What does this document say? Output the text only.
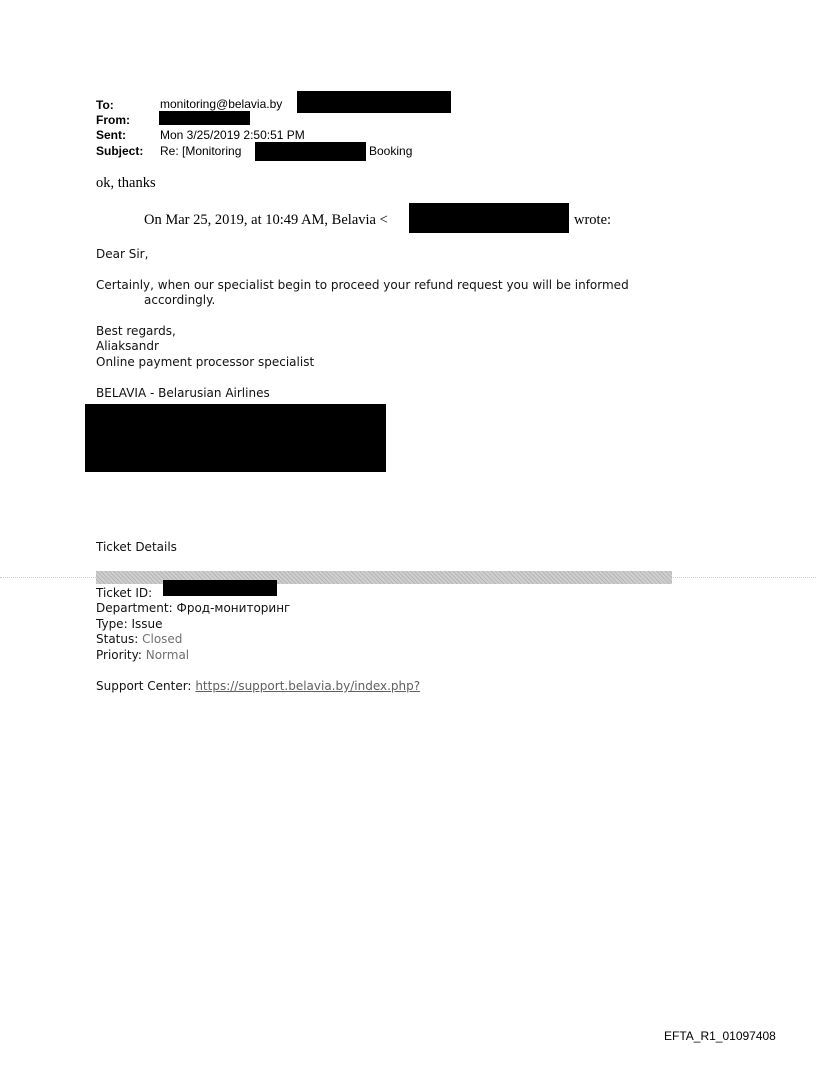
To:	monitoring@belavia.by
From:
Sent:	Mon 3/25/2019 2:50:51 PM
Subject: Re: [Monitoring	Booking
ok, thanks
On Mar 25, 2019, at 10:49 AM, Belavia <	wrote:
Dear Sir,
Certainly, when our specialist begin to proceed your refund request you will be informed
accordingly.
Best regards,
Aliaksandr
Online payment processor specialist
BELAVIA - Belarusian Airlines
Ticket Details
Ticket ID:
Department: Фрод-мониторинг
Type: Issue
Status: Closed
Priority: Normal
Support Center: https://support.belavia.by/index.php?
EFTA_R1_01097408
